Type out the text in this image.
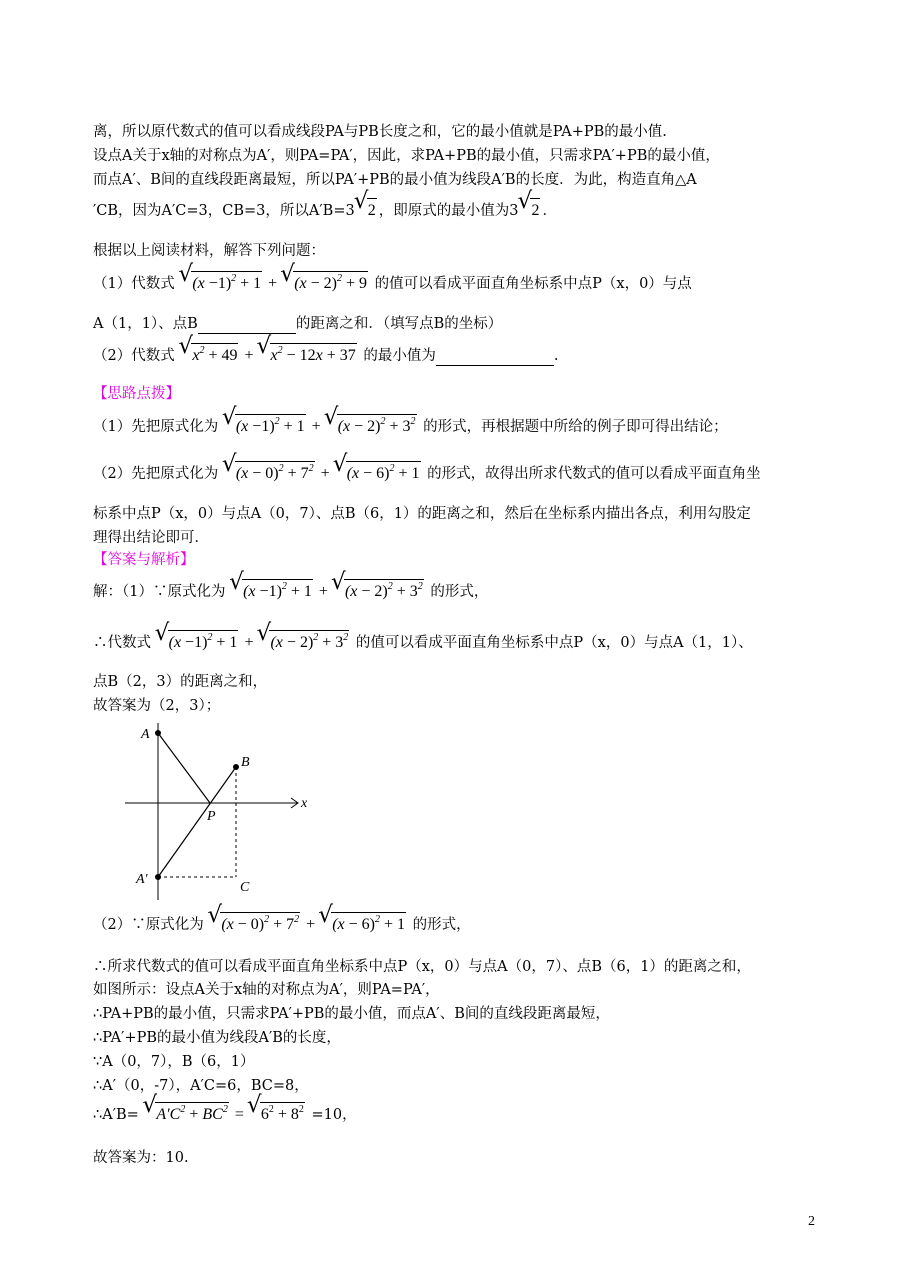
离，所以原代数式的值可以看成线段PA与PB长度之和，它的最小值就是PA+PB的最小值.
设点A关于x轴的对称点为A′，则PA=PA′，因此，求PA+PB的最小值，只需求PA′+PB的最小值，
而点A′、B间的直线段距离最短，所以PA′+PB的最小值为线段A′B的长度．为此，构造直角△A
′CB，因为A′C=3，CB=3，所以A′B=3 √ 2 ，即原式的最小值为3 √ 2 ．
根据以上阅读材料，解答下列问题：
（1）代数式 √ $(x -1)^2 + 1$ + √ $(x - 2)^2 + 9$ 的值可以看成平面直角坐标系中点P（x，0）与点
A（1，1）、点B	的距离之和．（填写点B的坐标）
（2）代数式 √ $x^2 + 49$ + √ $x^2 - 12x + 37$ 的最小值为	.
【思路点拨】
（1）先把原式化为 √ $(x -1)^2 + 1$ + √ $(x - 2)^2 + 3^2$ 的形式，再根据题中所给的例子即可得出结论；
（2）先把原式化为 √ $(x - 0)^2 + 7^2$ + √ $(x - 6)^2 + 1$ 的形式，故得出所求代数式的值可以看成平面直角坐
标系中点P（x，0）与点A（0，7）、点B（6，1）的距离之和，然后在坐标系内描出各点，利用勾股定
理得出结论即可．
【答案与解析】
解：（1）∵原式化为 √ $(x -1)^2 + 1$ + √ $(x - 2)^2 + 3^2$ 的形式，
∴代数式 √ $(x -1)^2 + 1$ + √ $(x - 2)^2 + 3^2$ 的值可以看成平面直角坐标系中点P（x，0）与点A（1，1）、
点B（2，3）的距离之和，
故答案为（2，3）；
A
B
P
x
A′
C
（2）∵原式化为 √ $(x - 0)^2 + 7^2$ + √ $(x - 6)^2 + 1$ 的形式，
∴所求代数式的值可以看成平面直角坐标系中点P（x，0）与点A（0，7）、点B（6，1）的距离之和，
如图所示：设点A关于x轴的对称点为A′，则PA=PA′，
∴PA+PB的最小值，只需求PA′+PB的最小值，而点A′、B间的直线段距离最短，
∴PA′+PB的最小值为线段A′B的长度，
∵A（0，7），B（6，1）
∴A′（0，-7），A′C=6，BC=8，
∴A′B= √ $A'C^2 + BC^2$ = √ $6^2 + 8^2 =10$，
故答案为：10.
2
